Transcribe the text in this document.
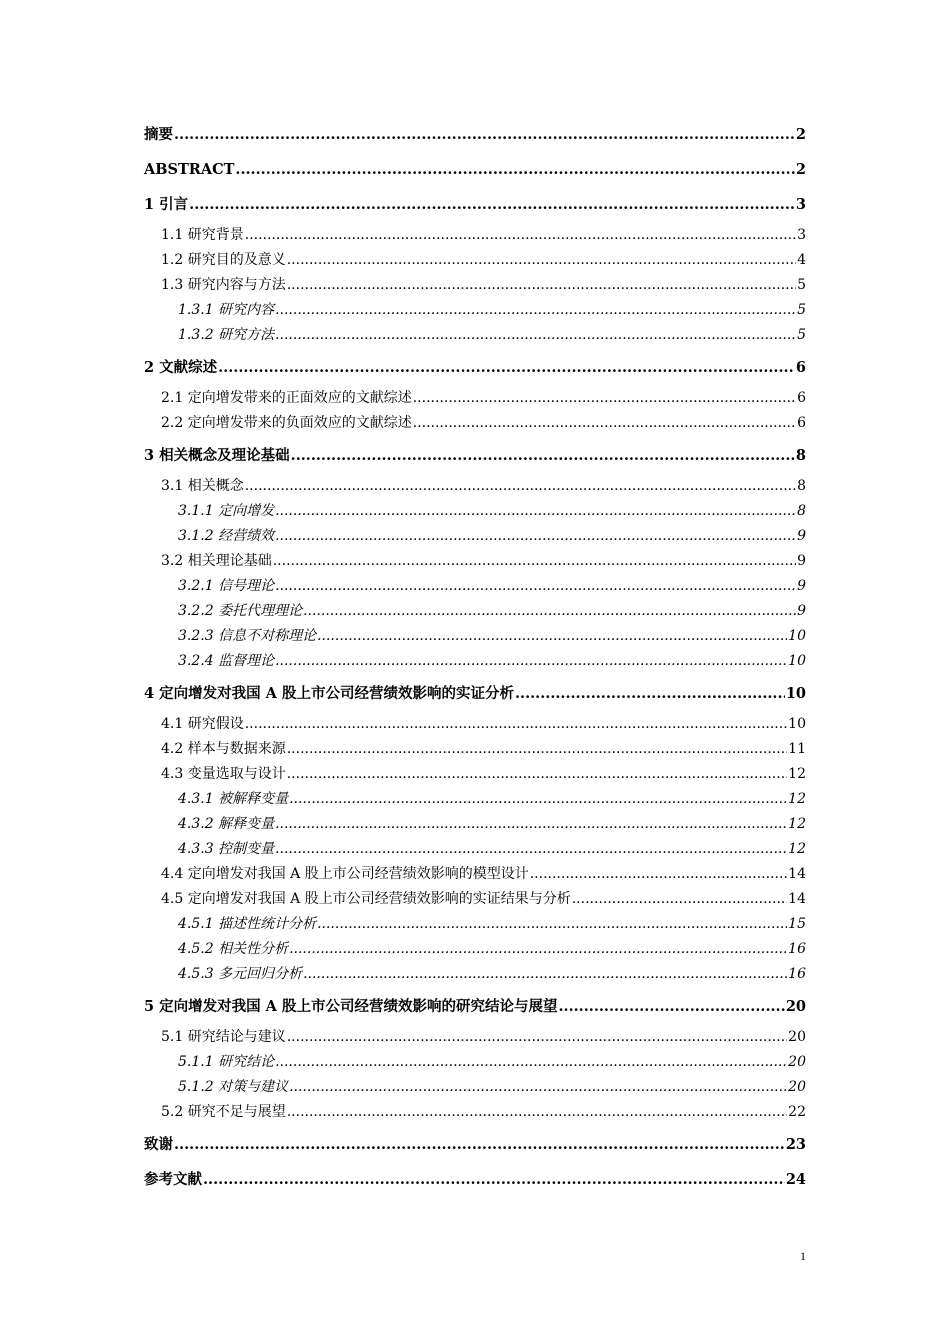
摘要 .....	2
ABSTRACT .....	2
1 引言 .....	3
1.1 研究背景 .....	3
1.2 研究目的及意义 .....	4
1.3 研究内容与方法 .....	5
1.3.1 研究内容 .....	5
1.3.2 研究方法 .....	5
2 文献综述 .....	6
2.1 定向增发带来的正面效应的文献综述 .....	6
2.2 定向增发带来的负面效应的文献综述 .....	6
3 相关概念及理论基础 .....	8
3.1 相关概念 .....	8
3.1.1 定向增发 .....	8
3.1.2 经营绩效 .....	9
3.2 相关理论基础 .....	9
3.2.1 信号理论 .....	9
3.2.2 委托代理理论 .....	9
3.2.3 信息不对称理论 .....	10
3.2.4 监督理论 .....	10
4 定向增发对我国 A 股上市公司经营绩效影响的实证分析 .....	10
4.1 研究假设 .....	10
4.2 样本与数据来源 .....	11
4.3 变量选取与设计 .....	12
4.3.1 被解释变量 .....	12
4.3.2 解释变量 .....	12
4.3.3 控制变量 .....	12
4.4 定向增发对我国 A 股上市公司经营绩效影响的模型设计 .....	14
4.5 定向增发对我国 A 股上市公司经营绩效影响的实证结果与分析 .....	14
4.5.1 描述性统计分析 .....	15
4.5.2 相关性分析 .....	16
4.5.3 多元回归分析 .....	16
5 定向增发对我国 A 股上市公司经营绩效影响的研究结论与展望 .....	20
5.1 研究结论与建议 .....	20
5.1.1 研究结论 .....	20
5.1.2 对策与建议 .....	20
5.2 研究不足与展望 .....	22
致谢 .....	23
参考文献 .....	24
1
